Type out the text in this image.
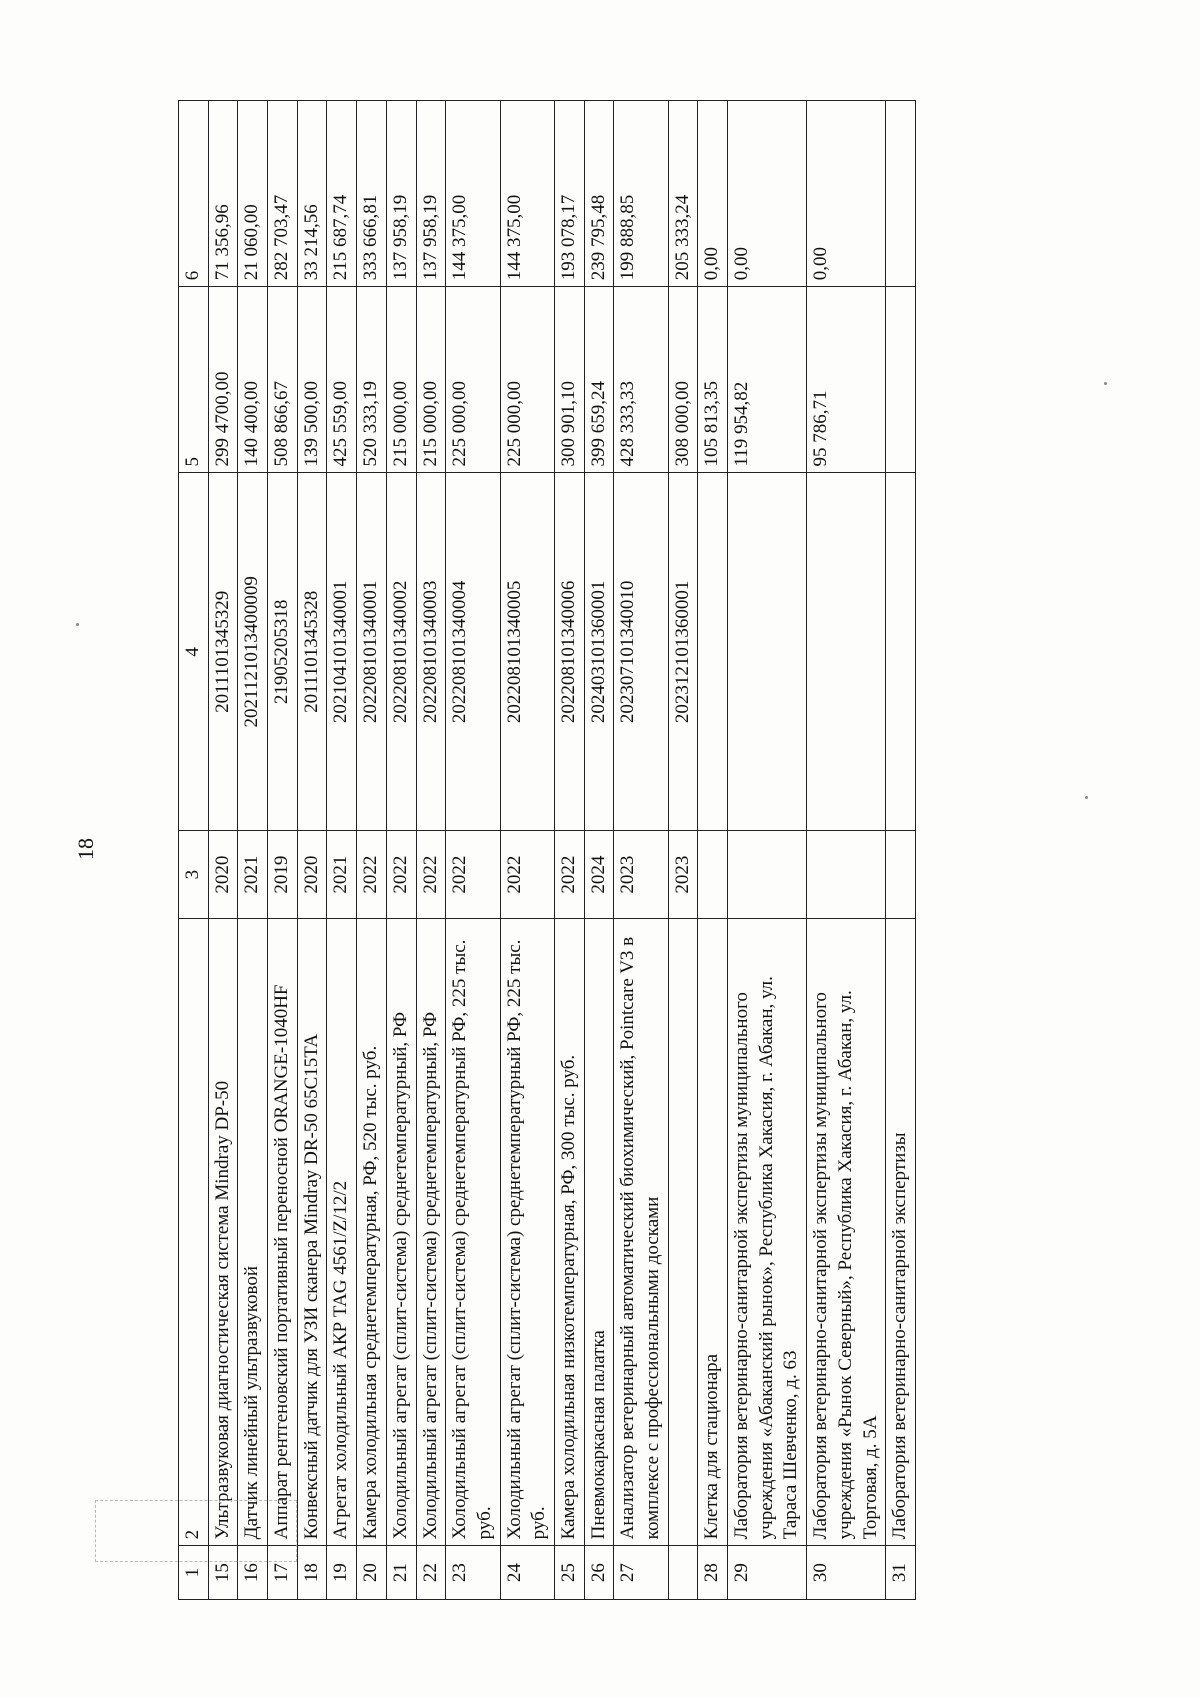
18
1	2	3	4	5	6
15	Ультразвуковая диагностическая система Mindray DP-50	2020	2011101345329	299 4700,00	71 356,96
16	Датчик линейный ультразвуковой	2021	2021121013400009	140 400,00	21 060,00
17	Аппарат рентгеновский портативный переносной ORANGE-1040HF	2019	21905205318	508 866,67	282 703,47
18	Конвексный датчик для УЗИ сканера Mindray DR-50 65C15TA	2020	2011101345328	139 500,00	33 214,56
19	Агрегат холодильный АКР TAG 4561/Z/12/2	2021	202104101340001	425 559,00	215 687,74
20	Камера холодильная среднетемпературная, РФ, 520 тыс. руб.	2022	202208101340001	520 333,19	333 666,81
21	Холодильный агрегат (сплит-система) среднетемпературный, РФ	2022	202208101340002	215 000,00	137 958,19
22	Холодильный агрегат (сплит-система) среднетемпературный, РФ	2022	202208101340003	215 000,00	137 958,19
23	Холодильный агрегат (сплит-система) среднетемпературный РФ, 225 тыс. руб.	2022	202208101340004	225 000,00	144 375,00
24	Холодильный агрегат (сплит-система) среднетемпературный РФ, 225 тыс. руб.	2022	202208101340005	225 000,00	144 375,00
25	Камера холодильная низкотемпературная, РФ, 300 тыс. руб.	2022	202208101340006	300 901,10	193 078,17
26	Пневмокаркасная палатка	2024	202403101360001	399 659,24	239 795,48
27	Анализатор ветеринарный автоматический биохимический, Pointcare V3 в комплексе с профессиональными досками	2023	202307101340010	428 333,33	199 888,85
		2023	202312101360001	308 000,00	205 333,24
28	Клетка для стационара			105 813,35	0,00
29	Лаборатория ветеринарно-санитарной экспертизы муниципального учреждения «Абаканский рынок», Республика Хакасия, г. Абакан, ул. Тараса Шевченко, д. 63			119 954,82	0,00
30	Лаборатория ветеринарно-санитарной экспертизы муниципального учреждения «Рынок Северный», Республика Хакасия, г. Абакан, ул. Торговая, д. 5А			95 786,71	0,00
31	Лаборатория ветеринарно-санитарной экспертизы				
